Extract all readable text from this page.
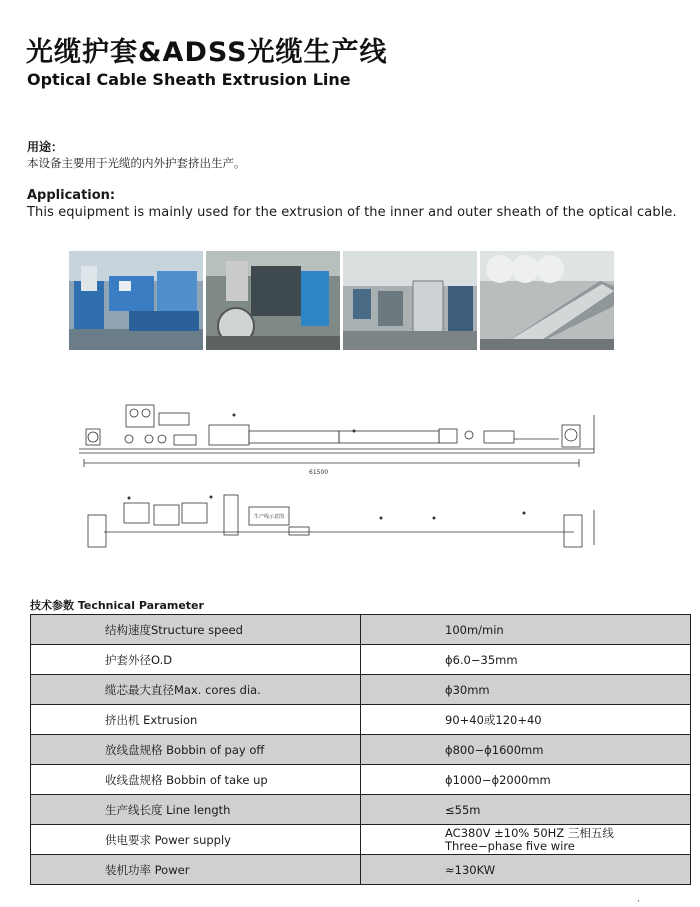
光缆护套&ADSS光缆生产线
Optical Cable Sheath Extrusion Line
用途：
本设备主要用于光缆的内外护套挤出生产。
Application:
This equipment is mainly used for the extrusion of the inner and outer sheath of the optical cable.
61500
生产线示意图
技术参数 Technical Parameter
结构速度Structure speed	100m/min
护套外径O.D	ɸ6.0−35mm
缆芯最大直径Max. cores dia.	ɸ30mm
挤出机 Extrusion	90+40或120+40
放线盘规格 Bobbin of pay off	ɸ800−ɸ1600mm
收线盘规格 Bobbin of take up	ɸ1000−ɸ2000mm
生产线长度 Line length	≤55m
供电要求 Power supply	AC380V ±10% 50HZ 三相五线
Three−phase five wire

装机功率 Power	≈130KW
·
